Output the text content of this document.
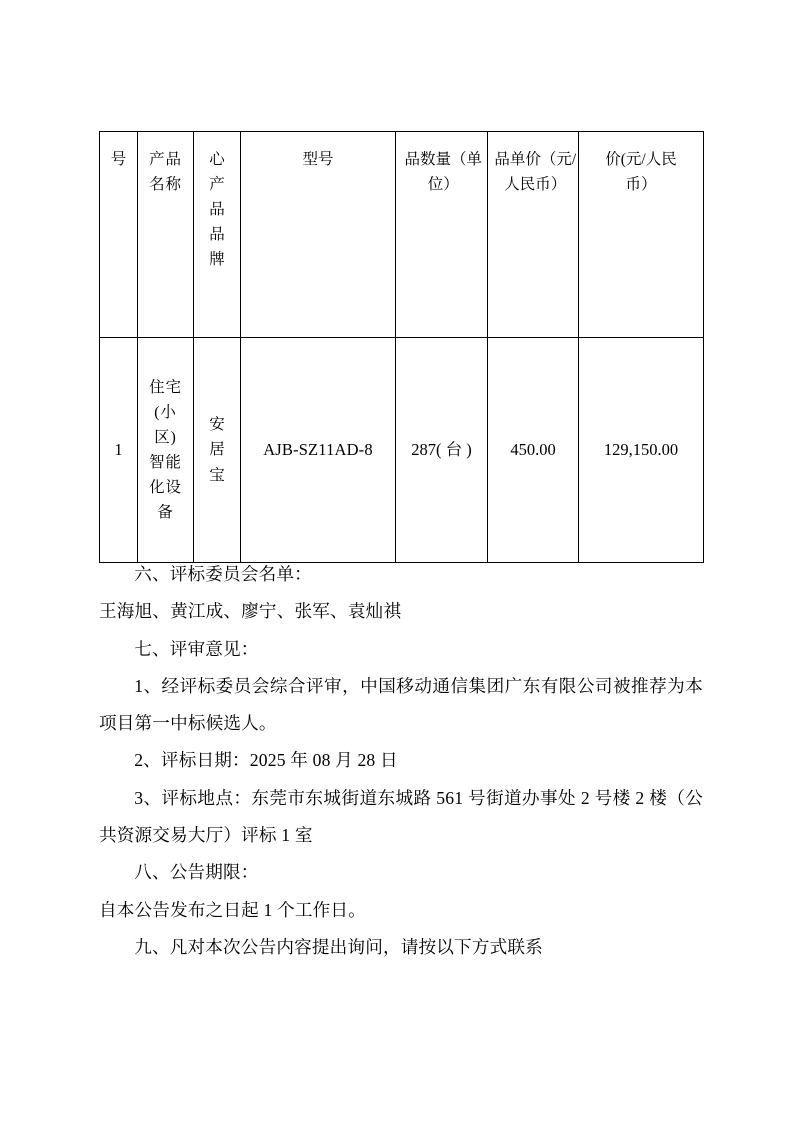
号	产品名称	心产品品牌	型号	品数量（单位）	品单价（元/人民币）	价(元/人民币）

1	住宅(小区)智能化设备	安居宝	AJB-SZ11AD-8	287( 台 )	450.00	129,150.00

六、评标委员会名单：

王海旭、黄江成、廖宁、张军、袁灿祺

七、评审意见：

1、经评标委员会综合评审，中国移动通信集团广东有限公司被推荐为本项目第一中标候选人。

2、评标日期：2025 年 08 月 28 日

3、评标地点：东莞市东城街道东城路 561 号街道办事处 2 号楼 2 楼（公共资源交易大厅）评标 1 室

八、公告期限：

自本公告发布之日起 1 个工作日。

九、凡对本次公告内容提出询问，请按以下方式联系
